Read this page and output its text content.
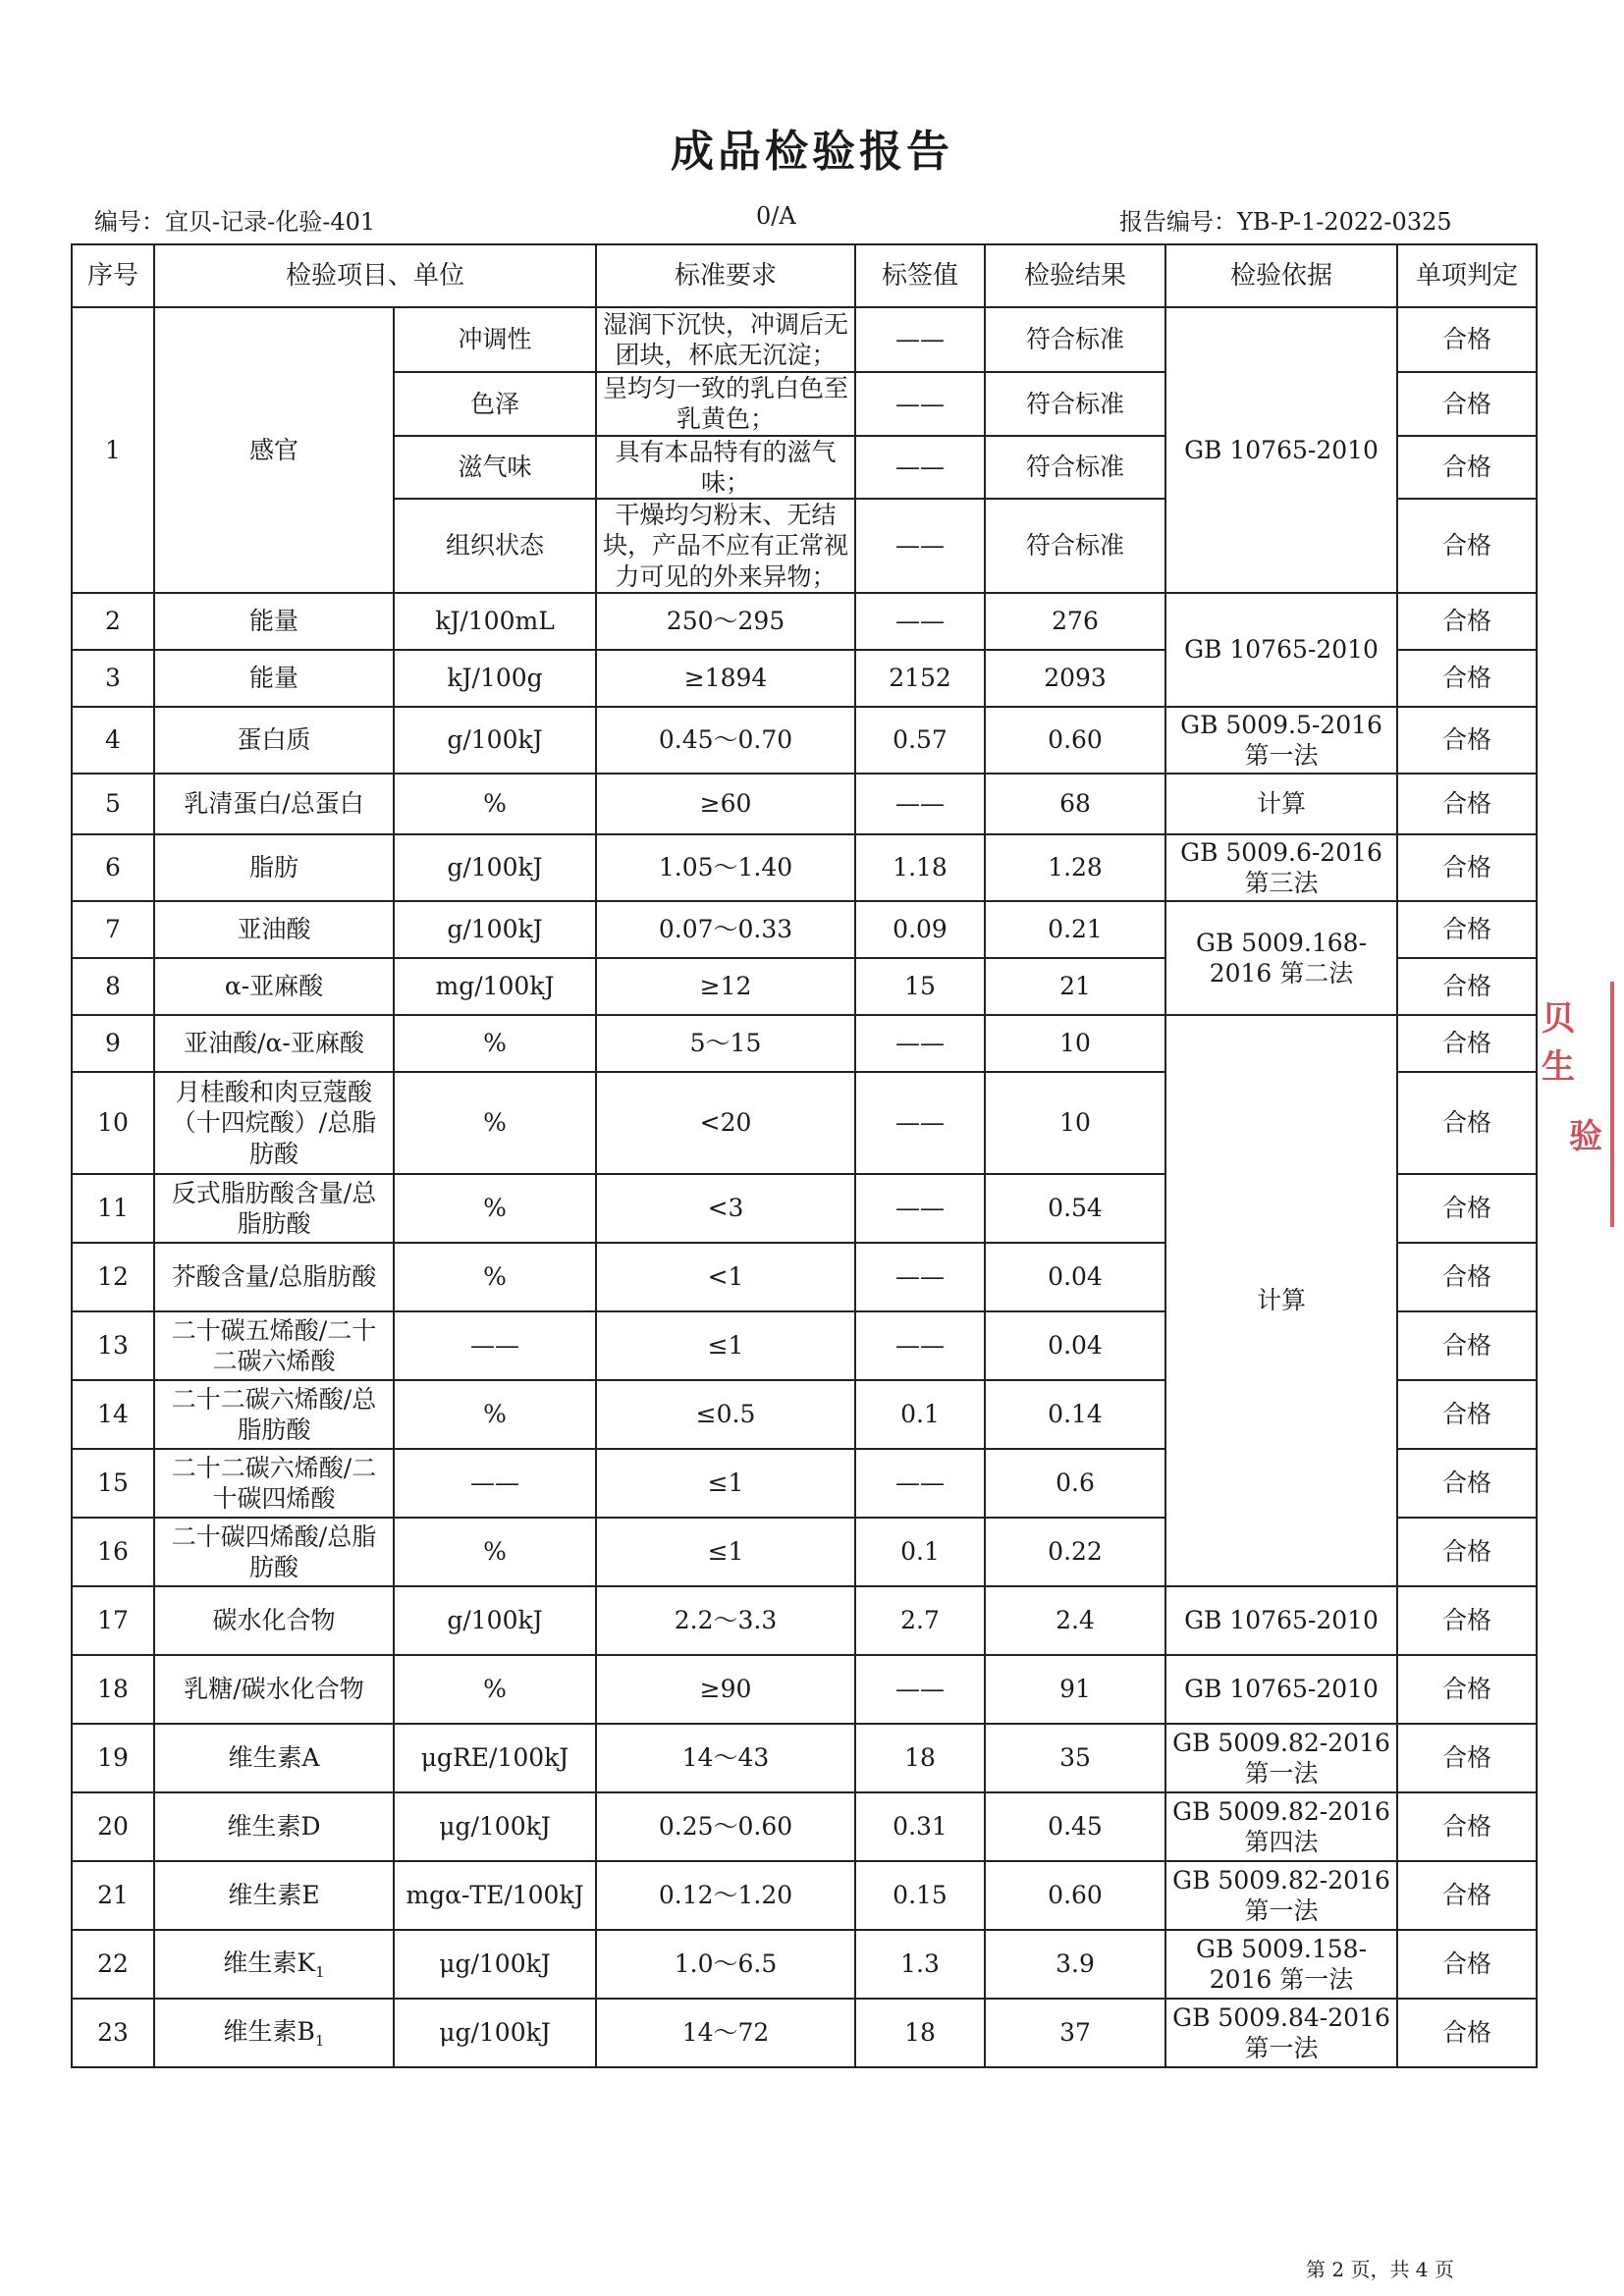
成品检验报告
编号：宜贝-记录-化验-401	0/A	报告编号：YB-P-1-2022-0325
序号	检验项目、单位		标准要求	标签值	检验结果	检验依据	单项判定
1	感官	冲调性	湿润下沉快，冲调后无团块，杯底无沉淀；	——	符合标准	GB 10765-2010	合格
		色泽	呈均匀一致的乳白色至乳黄色；	——	符合标准		合格
		滋气味	具有本品特有的滋气味；	——	符合标准		合格
		组织状态	干燥均匀粉末、无结块，产品不应有正常视力可见的外来异物；	——	符合标准		合格
2	能量	kJ/100mL	250～295	——	276	GB 10765-2010	合格
3	能量	kJ/100g	≥1894	2152	2093		合格
4	蛋白质	g/100kJ	0.45～0.70	0.57	0.60	GB 5009.5-2016 第一法	合格
5	乳清蛋白/总蛋白	%	≥60	——	68	计算	合格
6	脂肪	g/100kJ	1.05～1.40	1.18	1.28	GB 5009.6-2016 第三法	合格
7	亚油酸	g/100kJ	0.07～0.33	0.09	0.21	GB 5009.168-2016 第二法	合格
8	α-亚麻酸	mg/100kJ	≥12	15	21		合格
9	亚油酸/α-亚麻酸	%	5～15	——	10	计算	合格
10	月桂酸和肉豆蔻酸（十四烷酸）/总脂肪酸	%	<20	——	10		合格
11	反式脂肪酸含量/总脂肪酸	%	<3	——	0.54		合格
12	芥酸含量/总脂肪酸	%	<1	——	0.04		合格
13	二十碳五烯酸/二十二碳六烯酸	——	≤1	——	0.04		合格
14	二十二碳六烯酸/总脂肪酸	%	≤0.5	0.1	0.14		合格
15	二十二碳六烯酸/二十碳四烯酸	——	≤1	——	0.6		合格
16	二十碳四烯酸/总脂肪酸	%	≤1	0.1	0.22		合格
17	碳水化合物	g/100kJ	2.2～3.3	2.7	2.4	GB 10765-2010	合格
18	乳糖/碳水化合物	%	≥90	——	91	GB 10765-2010	合格
19	维生素A	μgRE/100kJ	14～43	18	35	GB 5009.82-2016 第一法	合格
20	维生素D	μg/100kJ	0.25～0.60	0.31	0.45	GB 5009.82-2016 第四法	合格
21	维生素E	mgα-TE/100kJ	0.12～1.20	0.15	0.60	GB 5009.82-2016 第一法	合格
22	维生素$K_1$	μg/100kJ	1.0～6.5	1.3	3.9	GB 5009.158-2016 第一法	合格
23	维生素$B_1$	μg/100kJ	14～72	18	37	GB 5009.84-2016 第一法	合格
贝生
验
第 2 页，共 4 页
